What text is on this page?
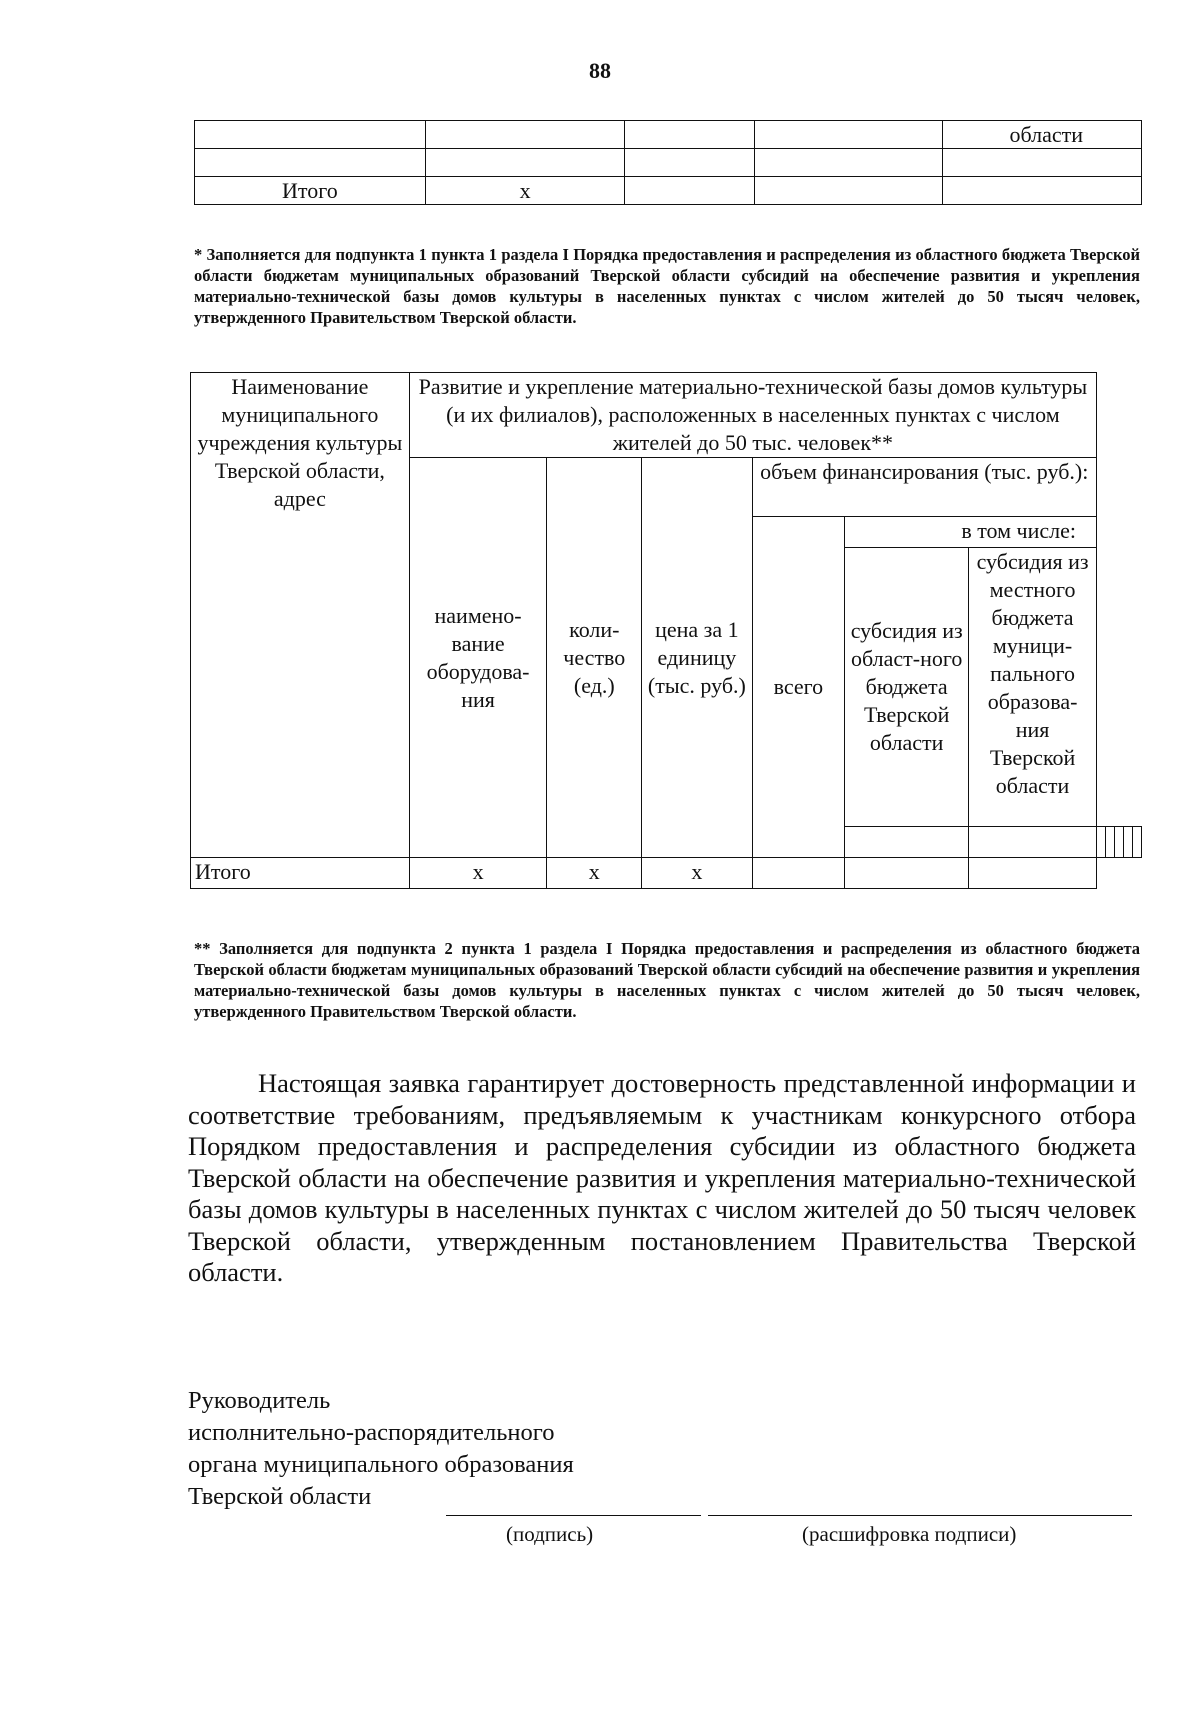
88
				области

Итого	х			
* Заполняется для подпункта 1 пункта 1 раздела I Порядка предоставления и распределения из областного бюджета Тверской области бюджетам муниципальных образований Тверской области субсидий на обеспечение развития и укрепления материально-технической базы домов культуры в населенных пунктах с числом жителей до 50 тысяч человек, утвержденного Правительством Тверской области.
Наименование муниципального учреждения культуры Тверской области, адрес	Развитие и укрепление материально-технической базы домов культуры (и их филиалов), расположенных в населенных пунктах с числом жителей до 50 тыс. человек**										
	наимено-вание оборудова-ния	коли-чество (ед.)	цена за 1 единицу (тыс. руб.)	объем финансирования (тыс. руб.):							
				всего	в том числе:						
					субсидия из област-ного бюджета Тверской области	субсидия из местного бюджета муници-пального образова-ния Тверской области					

Итого	х	х	х								
** Заполняется для подпункта 2 пункта 1 раздела I Порядка предоставления и распределения из областного бюджета Тверской области бюджетам муниципальных образований Тверской области субсидий на обеспечение развития и укрепления материально-технической базы домов культуры в населенных пунктах с числом жителей до 50 тысяч человек, утвержденного Правительством Тверской области.
Настоящая заявка гарантирует достоверность представленной информации и соответствие требованиям, предъявляемым к участникам конкурсного отбора Порядком предоставления и распределения субсидии из областного бюджета Тверской области на обеспечение развития и укрепления материально-технической базы домов культуры в населенных пунктах с числом жителей до 50 тысяч человек Тверской области, утвержденным постановлением Правительства Тверской области.
Руководитель
исполнительно-распорядительного
органа муниципального образования
Тверской области
(подпись)	(расшифровка подписи)
